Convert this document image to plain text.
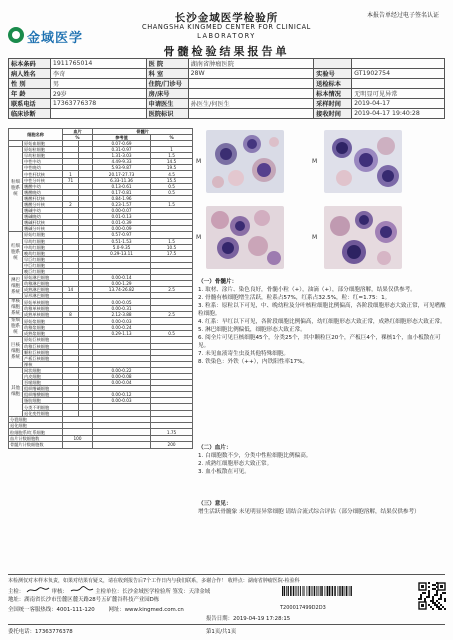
金域医学
长沙金域医学检验所
CHANGSHA KINGMED CENTER FOR CLINICAL
LABORATORY
本报告单经过电子签名认证
骨髓检验结果报告单
标本条码	1911765014	医 院	湖南省肿瘤医院		
病人姓名	李奇	科 室	28W	实验号	GT1902754
性 别	男	住院/门诊号		送检标本	
年 龄	29岁	房/床号		标本情况	无明显可见异常
联系电话	17363776378	申请医生	孙医生/何医生	采样时间	2019-04-17
临床诊断		医院标识		接收时间	2019-04-17 19:40:28
细胞名称		血片		骨髓片	
		%		参考值	%
	原始血细胞			0.07-0.69	
粒细胞系统	原始粒细胞			0.31-0.97	1
	早幼粒细胞			1.31-3.03	1.5
	中性中幼			4.49-9.33	14.5
	中性晚幼			5.93-9.87	19.5
	中性杆状核	1		20.17-27.73	4.5
	中性分叶核	71		6.33-11.36	15.5
	嗜酸中幼			0.13-0.61	0.5
	嗜酸晚幼			0.17-0.81	0.5
	嗜酸杆状核			0.84-1.96	
	嗜酸分叶核	2		0.23-1.57	1.5
	嗜碱中幼			0.00-0.07	
	嗜碱晚幼			0.01-0.13	
	嗜碱杆状核			0.01-0.39	
	嗜碱分叶核			0.00-0.09	
红细胞系统	原始红细胞			0.57-0.97	
	早幼红细胞			0.51-1.53	1.5
	中幼红细胞			5.0-9.35	10.5
	晚幼红细胞			0.29-13.11	17.5
	早巨红细胞				
	中巨红细胞				
	晚巨红细胞				
淋巴细胞系统	原始淋巴细胞			0.00-0.14	
	幼稚淋巴细胞			0.00-1.29	
	成熟淋巴细胞	14		13.74-26.82	2.5
	异形淋巴细胞				
单核细胞系统	原始单核细胞			0.00-0.05	
	幼稚单核细胞			0.00-0.31	
	成熟单核细胞	8		2.12-3.88	2.5
浆细胞系统	原始浆细胞			0.00-0.03	
	幼稚浆细胞			0.00-0.24	
	成熟浆细胞			0.29-1.13	0.5
巨核细胞系统	原始巨核细胞				
	幼稚巨核细胞				
	颗粒巨核细胞				
	产板巨核细胞				
	裸核				
其他细胞	网状细胞			0.00-0.22	
	内皮细胞			0.00-0.08	
	吞噬细胞			0.00-0.04	
	组织嗜碱细胞				
	组织嗜酸细胞			0.00-0.12	
	脂肪细胞			0.00-0.03	
	分类不明细胞				
	退化变性细胞				
分裂细胞					
退化细胞					
粒细胞系/红系细胞					1.75
血片计数细胞数		100			
骨髓片计数细胞数					200
M	M
M	M

（一）骨髓片：

1. 取材、涂片、染色良好，骨髓小粒（+），油滴（+），部分细胞溶解，结果仅供参考。

2. 骨髓有核细胞增生活跃，粒系占57%，红系占32.5%，粒：红=1.75：1。

3. 粒系：原粒以下可见，中、晚幼粒及分叶核粒细胞比例偏高，各阶段细胞形态大致正常，可见嗜酸粒细胞。

4. 红系：早红以下可见，各阶段细胞比例偏高，幼红细胞形态大致正常，成熟红细胞形态大致正常。

5. 淋巴细胞比例偏低，细胞形态大致正常。

6. 阅全片可见巨核细胞45个，分类25个，其中颗粒巨20个，产板巨4个，裸核1个，血小板散在可见。

7. 未见血液寄生虫及其他特殊细胞。

8. 铁染色：外铁（++），内铁阳性率17%。

（二）血片：

1. 白细胞数不少，分类中性粒细胞比例偏高。

2. 成熟红细胞形态大致正常。

3. 血小板散在可见。

（三）意见：

增生活跃骨髓象 未见明显异常细胞 请结合流式综合评估（部分细胞溶解，结果仅供参考）

本检测仅对本样本负责，如果对结果有疑义，请在收到报告后7个工作日内与我们联系，多谢合作！ 收样点：湖南省肿瘤医院-检验科
主检：	审核：	主检单位：长沙金域医学检验所 签发：天津金域
地址：湖南省长沙市岳麓区麓天路28号五矿麓谷科技产业园D栋
全国统一客服热线：4001-111-120	网址：www.kingmed.com.cn
报告日期：2019-04-19 17:28:15
T200017499D2D3
委托电话：17363776378	第1页/共1页
